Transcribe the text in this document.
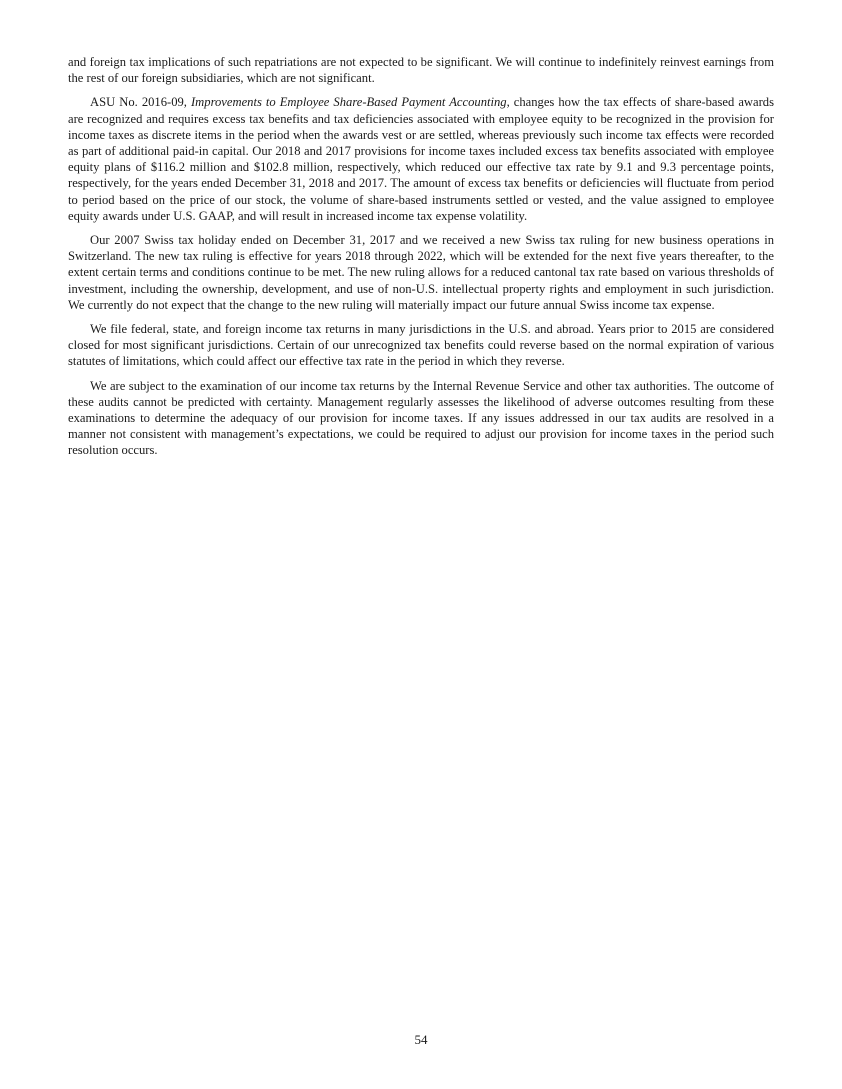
and foreign tax implications of such repatriations are not expected to be significant. We will continue to indefinitely reinvest earnings from the rest of our foreign subsidiaries, which are not significant.

ASU No. 2016-09, Improvements to Employee Share-Based Payment Accounting, changes how the tax effects of share-based awards are recognized and requires excess tax benefits and tax deficiencies associated with employee equity to be recognized in the provision for income taxes as discrete items in the period when the awards vest or are settled, whereas previously such income tax effects were recorded as part of additional paid-in capital. Our 2018 and 2017 provisions for income taxes included excess tax benefits associated with employee equity plans of $116.2 million and $102.8 million, respectively, which reduced our effective tax rate by 9.1 and 9.3 percentage points, respectively, for the years ended December 31, 2018 and 2017. The amount of excess tax benefits or deficiencies will fluctuate from period to period based on the price of our stock, the volume of share-based instruments settled or vested, and the value assigned to employee equity awards under U.S. GAAP, and will result in increased income tax expense volatility.

Our 2007 Swiss tax holiday ended on December 31, 2017 and we received a new Swiss tax ruling for new business operations in Switzerland. The new tax ruling is effective for years 2018 through 2022, which will be extended for the next five years thereafter, to the extent certain terms and conditions continue to be met. The new ruling allows for a reduced cantonal tax rate based on various thresholds of investment, including the ownership, development, and use of non-U.S. intellectual property rights and employment in such jurisdiction. We currently do not expect that the change to the new ruling will materially impact our future annual Swiss income tax expense.

We file federal, state, and foreign income tax returns in many jurisdictions in the U.S. and abroad. Years prior to 2015 are considered closed for most significant jurisdictions. Certain of our unrecognized tax benefits could reverse based on the normal expiration of various statutes of limitations, which could affect our effective tax rate in the period in which they reverse.

We are subject to the examination of our income tax returns by the Internal Revenue Service and other tax authorities. The outcome of these audits cannot be predicted with certainty. Management regularly assesses the likelihood of adverse outcomes resulting from these examinations to determine the adequacy of our provision for income taxes. If any issues addressed in our tax audits are resolved in a manner not consistent with management’s expectations, we could be required to adjust our provision for income taxes in the period such resolution occurs.

54
